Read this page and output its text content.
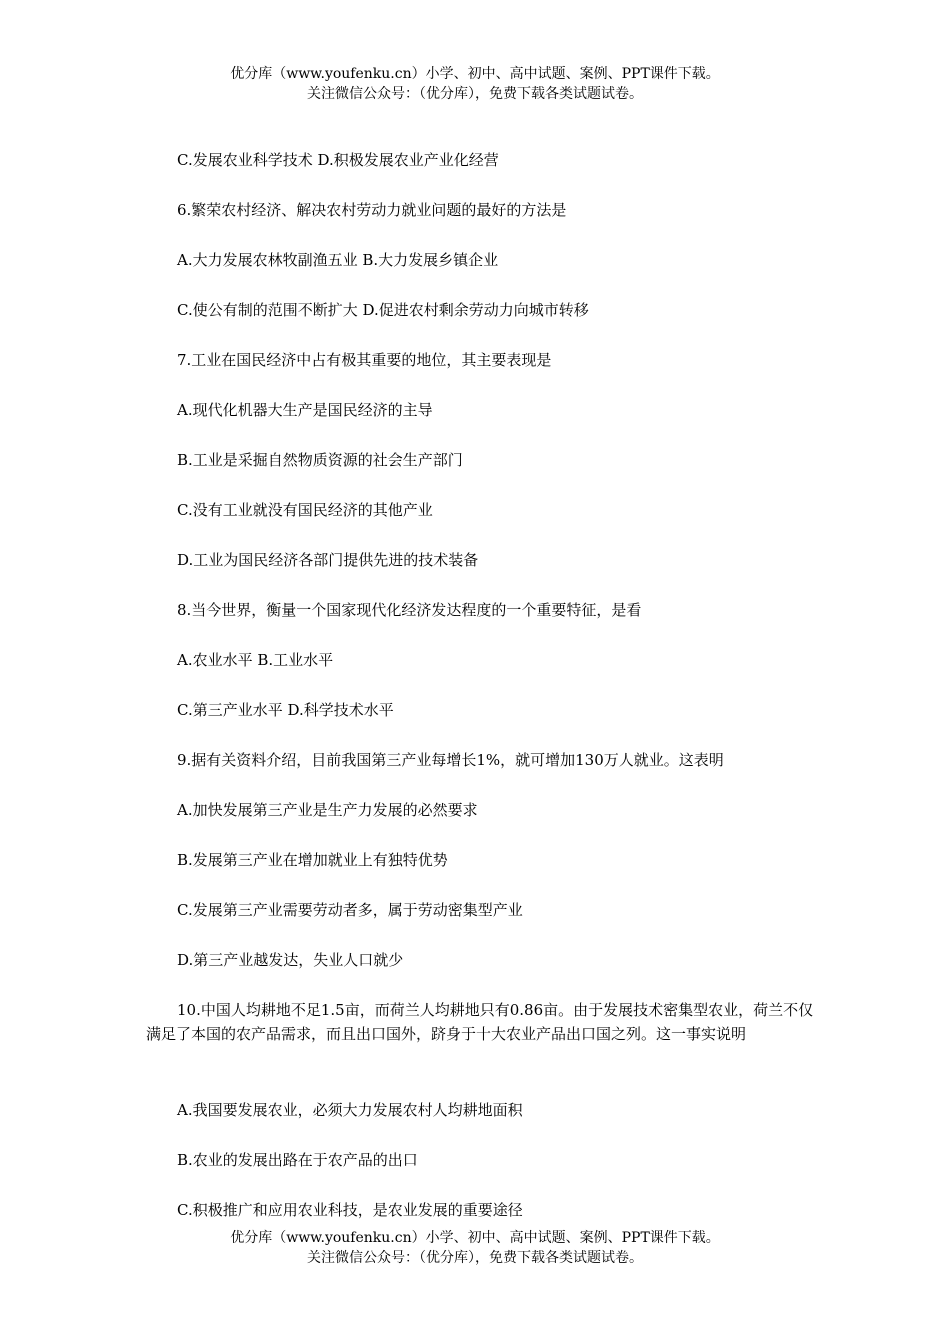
优分库（www.youfenku.cn）小学、初中、高中试题、案例、PPT课件下载。
关注微信公众号：（优分库），免费下载各类试题试卷。

C.发展农业科学技术 D.积极发展农业产业化经营

6.繁荣农村经济、解决农村劳动力就业问题的最好的方法是

A.大力发展农林牧副渔五业 B.大力发展乡镇企业

C.使公有制的范围不断扩大 D.促进农村剩余劳动力向城市转移

7.工业在国民经济中占有极其重要的地位，其主要表现是

A.现代化机器大生产是国民经济的主导

B.工业是采掘自然物质资源的社会生产部门

C.没有工业就没有国民经济的其他产业

D.工业为国民经济各部门提供先进的技术装备

8.当今世界，衡量一个国家现代化经济发达程度的一个重要特征，是看

A.农业水平 B.工业水平

C.第三产业水平 D.科学技术水平

9.据有关资料介绍，目前我国第三产业每增长1%，就可增加130万人就业。这表明

A.加快发展第三产业是生产力发展的必然要求

B.发展第三产业在增加就业上有独特优势

C.发展第三产业需要劳动者多，属于劳动密集型产业

D.第三产业越发达，失业人口就少

10.中国人均耕地不足1.5亩，而荷兰人均耕地只有0.86亩。由于发展技术密集型农业，荷兰不仅满足了本国的农产品需求，而且出口国外，跻身于十大农业产品出口国之列。这一事实说明

A.我国要发展农业，必须大力发展农村人均耕地面积

B.农业的发展出路在于农产品的出口

C.积极推广和应用农业科技，是农业发展的重要途径

优分库（www.youfenku.cn）小学、初中、高中试题、案例、PPT课件下载。
关注微信公众号：（优分库），免费下载各类试题试卷。
